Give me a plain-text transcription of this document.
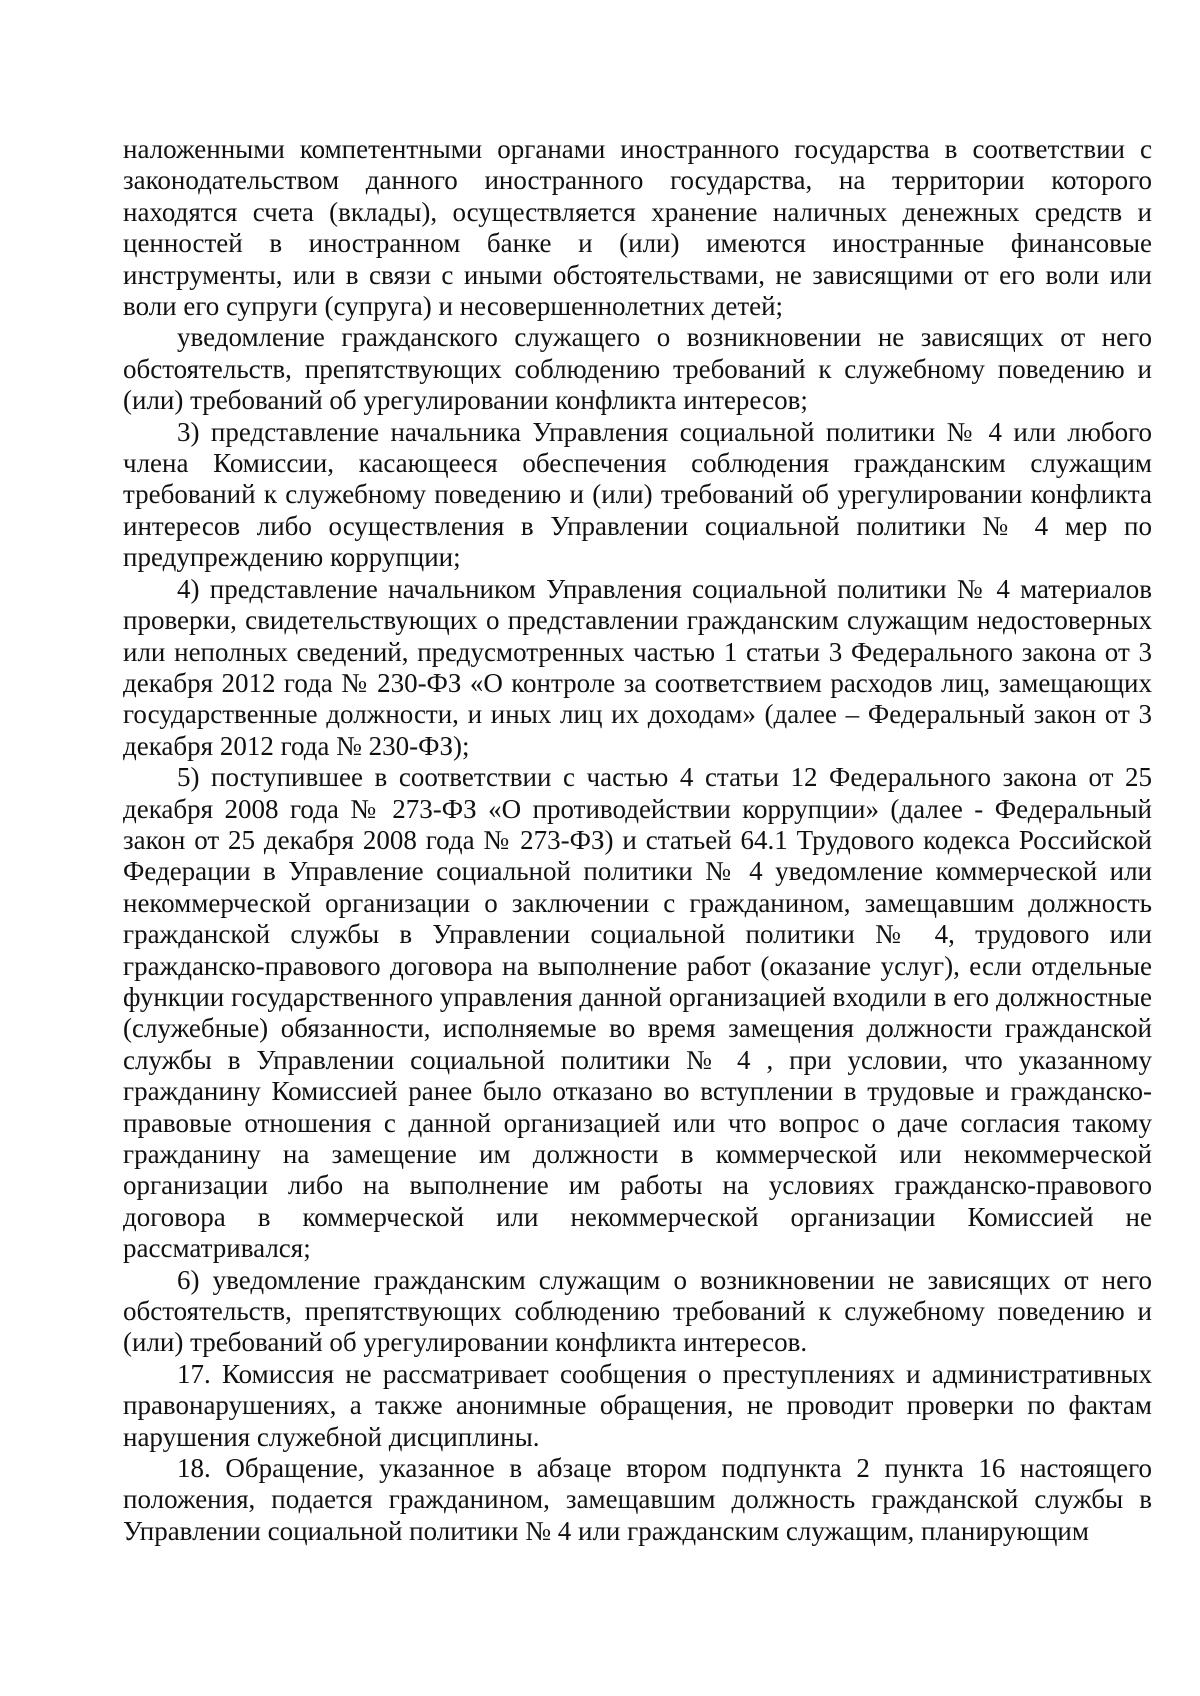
наложенными компетентными органами иностранного государства в соответствии с законодательством данного иностранного государства, на территории которого находятся счета (вклады), осуществляется хранение наличных денежных средств и ценностей в иностранном банке и (или) имеются иностранные финансовые инструменты, или в связи с иными обстоятельствами, не зависящими от его воли или воли его супруги (супруга) и несовершеннолетних детей;

уведомление гражданского служащего о возникновении не зависящих от него обстоятельств, препятствующих соблюдению требований к служебному поведению и (или) требований об урегулировании конфликта интересов;

3) представление начальника Управления социальной политики № 4 или любого члена Комиссии, касающееся обеспечения соблюдения гражданским служащим требований к служебному поведению и (или) требований об урегулировании конфликта интересов либо осуществления в Управлении социальной политики № 4 мер по предупреждению коррупции;

4) представление начальником Управления социальной политики № 4 материалов проверки, свидетельствующих о представлении гражданским служащим недостоверных или неполных сведений, предусмотренных частью 1 статьи 3 Федерального закона от 3 декабря 2012 года № 230-ФЗ «О контроле за соответствием расходов лиц, замещающих государственные должности, и иных лиц их доходам» (далее – Федеральный закон от 3 декабря 2012 года № 230-ФЗ);

5) поступившее в соответствии с частью 4 статьи 12 Федерального закона от 25 декабря 2008 года № 273-ФЗ «О противодействии коррупции» (далее - Федеральный закон от 25 декабря 2008 года № 273-ФЗ) и статьей 64.1 Трудового кодекса Российской Федерации в Управление социальной политики № 4 уведомление коммерческой или некоммерческой организации о заключении с гражданином, замещавшим должность гражданской службы в Управлении социальной политики № 4, трудового или гражданско-правового договора на выполнение работ (оказание услуг), если отдельные функции государственного управления данной организацией входили в его должностные (служебные) обязанности, исполняемые во время замещения должности гражданской службы в Управлении социальной политики № 4 , при условии, что указанному гражданину Комиссией ранее было отказано во вступлении в трудовые и гражданско-правовые отношения с данной организацией или что вопрос о даче согласия такому гражданину на замещение им должности в коммерческой или некоммерческой организации либо на выполнение им работы на условиях гражданско-правового договора в коммерческой или некоммерческой организации Комиссией не рассматривался;

6) уведомление гражданским служащим о возникновении не зависящих от него обстоятельств, препятствующих соблюдению требований к служебному поведению и (или) требований об урегулировании конфликта интересов.

17. Комиссия не рассматривает сообщения о преступлениях и административных правонарушениях, а также анонимные обращения, не проводит проверки по фактам нарушения служебной дисциплины.

18. Обращение, указанное в абзаце втором подпункта 2 пункта 16 настоящего положения, подается гражданином, замещавшим должность гражданской службы в Управлении социальной политики № 4 или гражданским служащим, планирующим
